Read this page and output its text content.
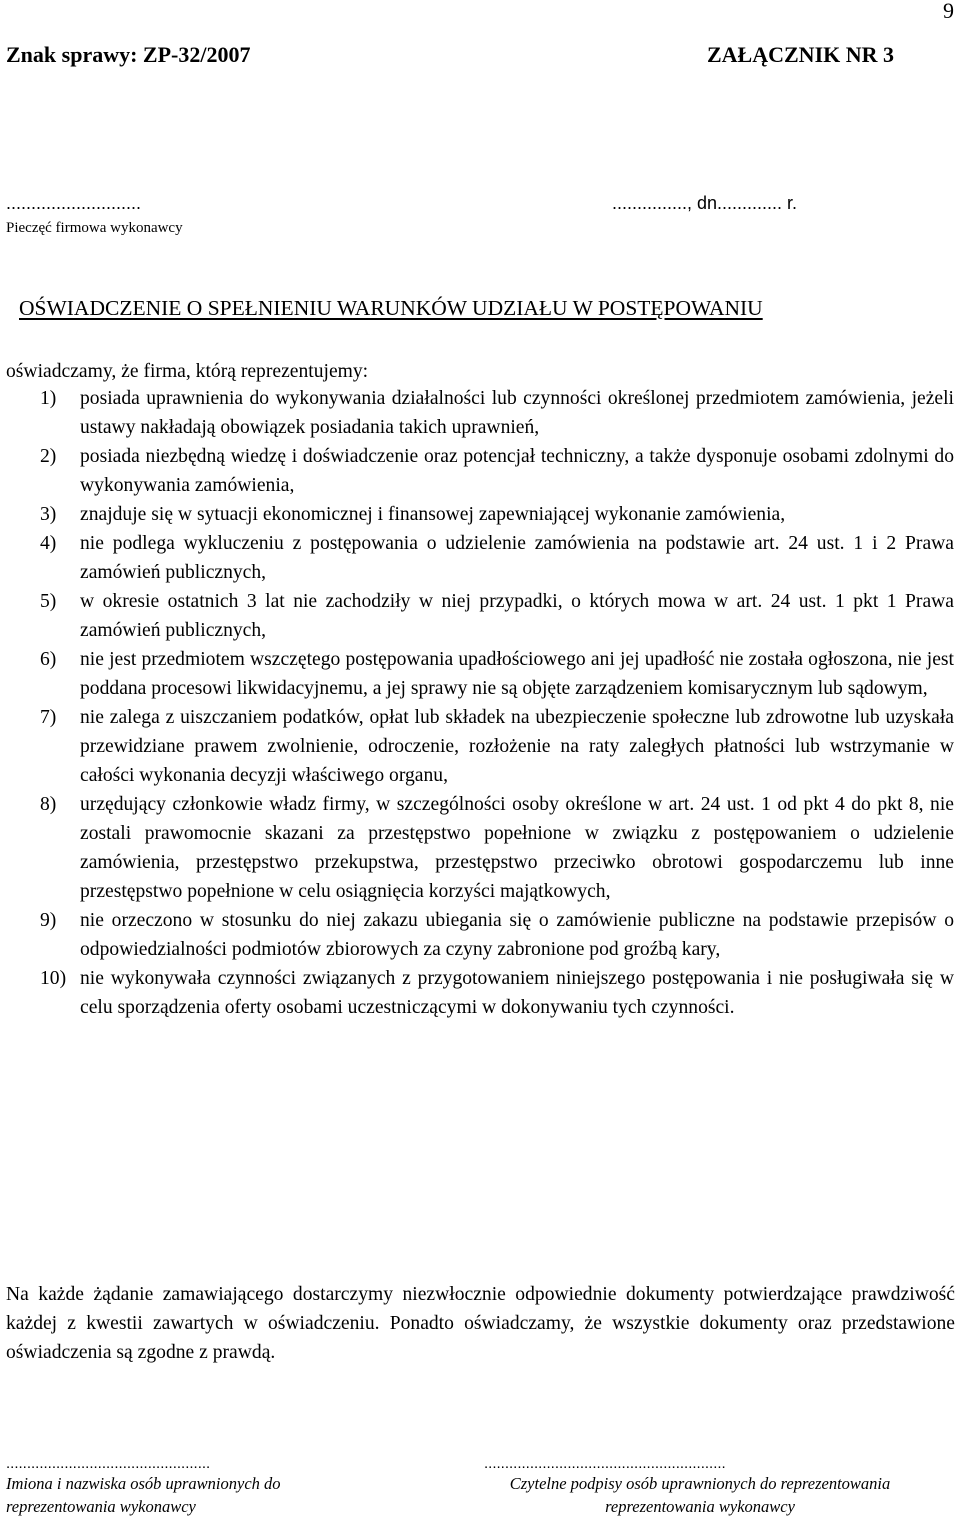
9
Znak sprawy: ZP-32/2007	ZAŁĄCZNIK NR 3
...........................	..............., dn............. r.
Pieczęć firmowa wykonawcy
OŚWIADCZENIE O SPEŁNIENIU WARUNKÓW UDZIAŁU W POSTĘPOWANIU
oświadczamy, że firma, którą reprezentujemy:
1) posiada uprawnienia do wykonywania działalności lub czynności określonej przedmiotem zamówienia, jeżeli ustawy nakładają obowiązek posiadania takich uprawnień,
2) posiada niezbędną wiedzę i doświadczenie oraz potencjał techniczny, a także dysponuje osobami zdolnymi do wykonywania zamówienia,
3) znajduje się w sytuacji ekonomicznej i finansowej zapewniającej wykonanie zamówienia,
4) nie podlega wykluczeniu z postępowania o udzielenie zamówienia na podstawie art. 24 ust. 1 i 2 Prawa zamówień publicznych,
5) w okresie ostatnich 3 lat nie zachodziły w niej przypadki, o których mowa w art. 24 ust. 1 pkt 1 Prawa zamówień publicznych,
6) nie jest przedmiotem wszczętego postępowania upadłościowego ani jej upadłość nie została ogłoszona, nie jest poddana procesowi likwidacyjnemu, a jej sprawy nie są objęte zarządzeniem komisarycznym lub sądowym,
7) nie zalega z uiszczaniem podatków, opłat lub składek na ubezpieczenie społeczne lub zdrowotne lub uzyskała przewidziane prawem zwolnienie, odroczenie, rozłożenie na raty zaległych płatności lub wstrzymanie w całości wykonania decyzji właściwego organu,
8) urzędujący członkowie władz firmy, w szczególności osoby określone w art. 24 ust. 1 od pkt 4 do pkt 8, nie zostali prawomocnie skazani za przestępstwo popełnione w związku z postępowaniem o udzielenie zamówienia, przestępstwo przekupstwa, przestępstwo przeciwko obrotowi gospodarczemu lub inne przestępstwo popełnione w celu osiągnięcia korzyści majątkowych,
9) nie orzeczono w stosunku do niej zakazu ubiegania się o zamówienie publiczne na podstawie przepisów o odpowiedzialności podmiotów zbiorowych za czyny zabronione pod groźbą kary,
10) nie wykonywała czynności związanych z przygotowaniem niniejszego postępowania i nie posługiwała się w celu sporządzenia oferty osobami uczestniczącymi w dokonywaniu tych czynności.
Na każde żądanie zamawiającego dostarczymy niezwłocznie odpowiednie dokumenty potwierdzające prawdziwość każdej z kwestii zawartych w oświadczeniu. Ponadto oświadczamy, że wszystkie dokumenty oraz przedstawione oświadczenia są zgodne z prawdą.
.................................................
Imiona i nazwiska osób uprawnionych do
reprezentowania wykonawcy
..........................................................
Czytelne podpisy osób uprawnionych do reprezentowania
reprezentowania wykonawcy
